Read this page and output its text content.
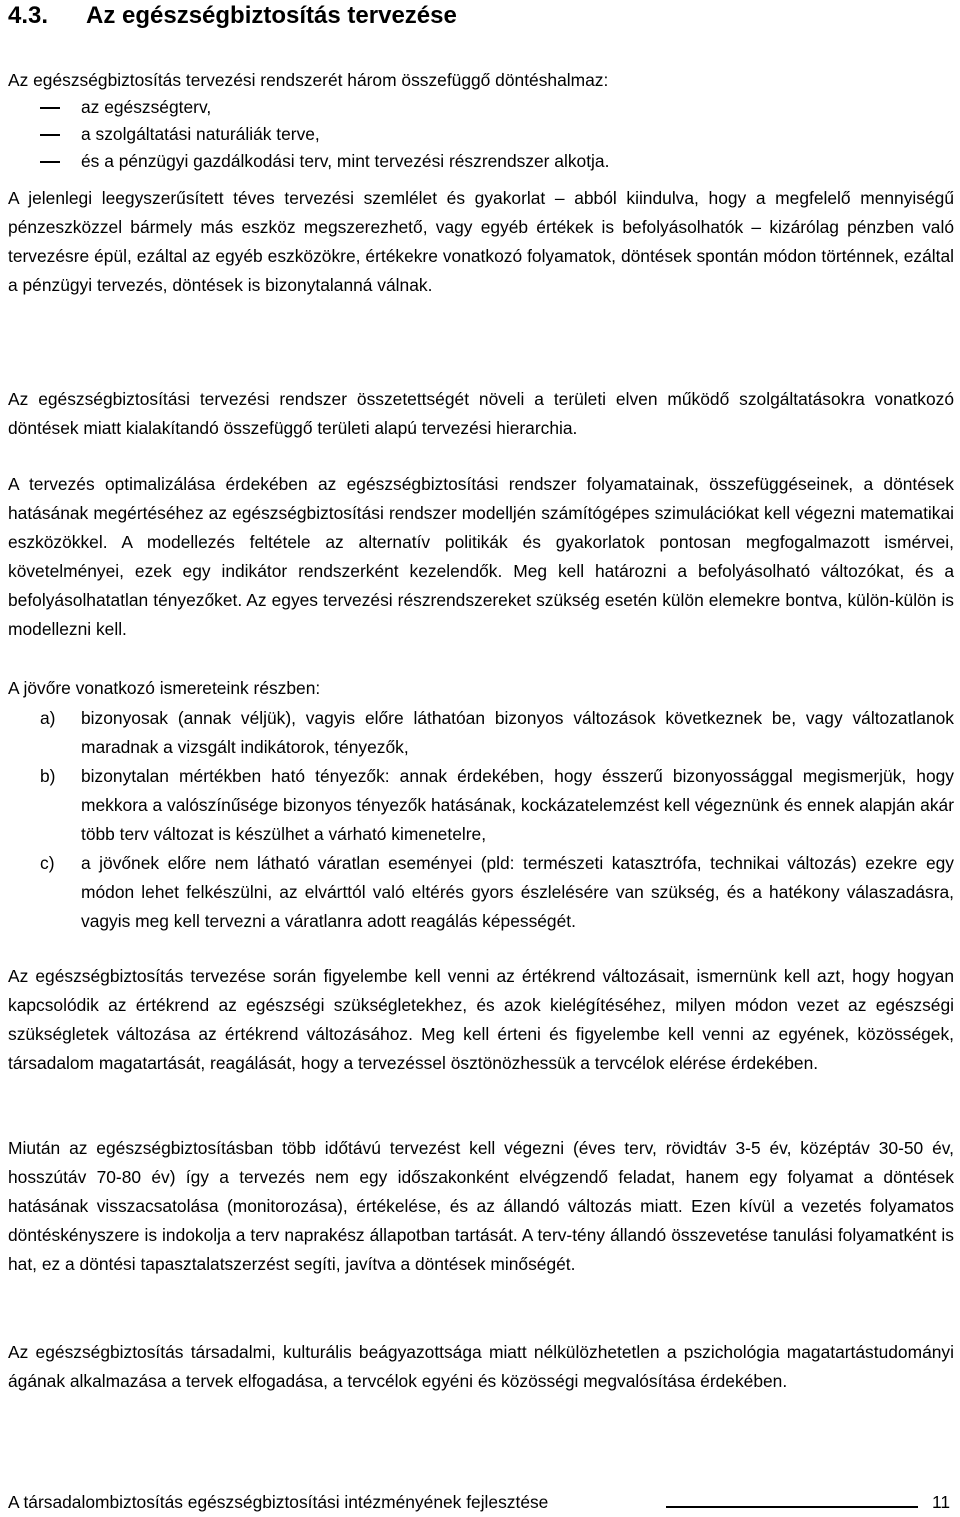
4.3. Az egészségbiztosítás tervezése

Az egészségbiztosítás tervezési rendszerét három összefüggő döntéshalmaz:

az egészségterv,
a szolgáltatási naturáliák terve,
és a pénzügyi gazdálkodási terv, mint tervezési részrendszer alkotja.

A jelenlegi leegyszerűsített téves tervezési szemlélet és gyakorlat – abból kiindulva, hogy a megfelelő mennyiségű pénzeszközzel bármely más eszköz megszerezhető, vagy egyéb értékek is befolyásolhatók – kizárólag pénzben való tervezésre épül, ezáltal az egyéb eszközökre, értékekre vonatkozó folyamatok, döntések spontán módon történnek, ezáltal a pénzügyi tervezés, döntések is bizonytalanná válnak.

Az egészségbiztosítási tervezési rendszer összetettségét növeli a területi elven működő szolgáltatásokra vonatkozó döntések miatt kialakítandó összefüggő területi alapú tervezési hierarchia.

A tervezés optimalizálása érdekében az egészségbiztosítási rendszer folyamatainak, összefüggéseinek, a döntések hatásának megértéséhez az egészségbiztosítási rendszer modelljén számítógépes szimulációkat kell végezni matematikai eszközökkel. A modellezés feltétele az alternatív politikák és gyakorlatok pontosan megfogalmazott ismérvei, követelményei, ezek egy indikátor rendszerként kezelendők. Meg kell határozni a befolyásolható változókat, és a befolyásolhatatlan tényezőket. Az egyes tervezési részrendszereket szükség esetén külön elemekre bontva, külön-külön is modellezni kell.

A jövőre vonatkozó ismereteink részben:

a) bizonyosak (annak véljük), vagyis előre láthatóan bizonyos változások következnek be, vagy változatlanok maradnak a vizsgált indikátorok, tényezők,
b) bizonytalan mértékben ható tényezők: annak érdekében, hogy ésszerű bizonyossággal megismerjük, hogy mekkora a valószínűsége bizonyos tényezők hatásának, kockázatelemzést kell végeznünk és ennek alapján akár több terv változat is készülhet a várható kimenetelre,
c) a jövőnek előre nem látható váratlan eseményei (pld: természeti katasztrófa, technikai változás) ezekre egy módon lehet felkészülni, az elvárttól való eltérés gyors észlelésére van szükség, és a hatékony válaszadásra, vagyis meg kell tervezni a váratlanra adott reagálás képességét.

Az egészségbiztosítás tervezése során figyelembe kell venni az értékrend változásait, ismernünk kell azt, hogy hogyan kapcsolódik az értékrend az egészségi szükségletekhez, és azok kielégítéséhez, milyen módon vezet az egészségi szükségletek változása az értékrend változásához. Meg kell érteni és figyelembe kell venni az egyének, közösségek, társadalom magatartását, reagálását, hogy a tervezéssel ösztönözhessük a tervcélok elérése érdekében.

Miután az egészségbiztosításban több időtávú tervezést kell végezni (éves terv, rövidtáv 3-5 év, középtáv 30-50 év, hosszútáv 70-80 év) így a tervezés nem egy időszakonként elvégzendő feladat, hanem egy folyamat a döntések hatásának visszacsatolása (monitorozása), értékelése, és az állandó változás miatt. Ezen kívül a vezetés folyamatos döntéskényszere is indokolja a terv naprakész állapotban tartását. A terv-tény állandó összevetése tanulási folyamatként is hat, ez a döntési tapasztalatszerzést segíti, javítva a döntések minőségét.

Az egészségbiztosítás társadalmi, kulturális beágyazottsága miatt nélkülözhetetlen a pszichológia magatartástudományi ágának alkalmazása a tervek elfogadása, a tervcélok egyéni és közösségi megvalósítása érdekében.

A társadalombiztosítás egészségbiztosítási intézményének fejlesztése	11
